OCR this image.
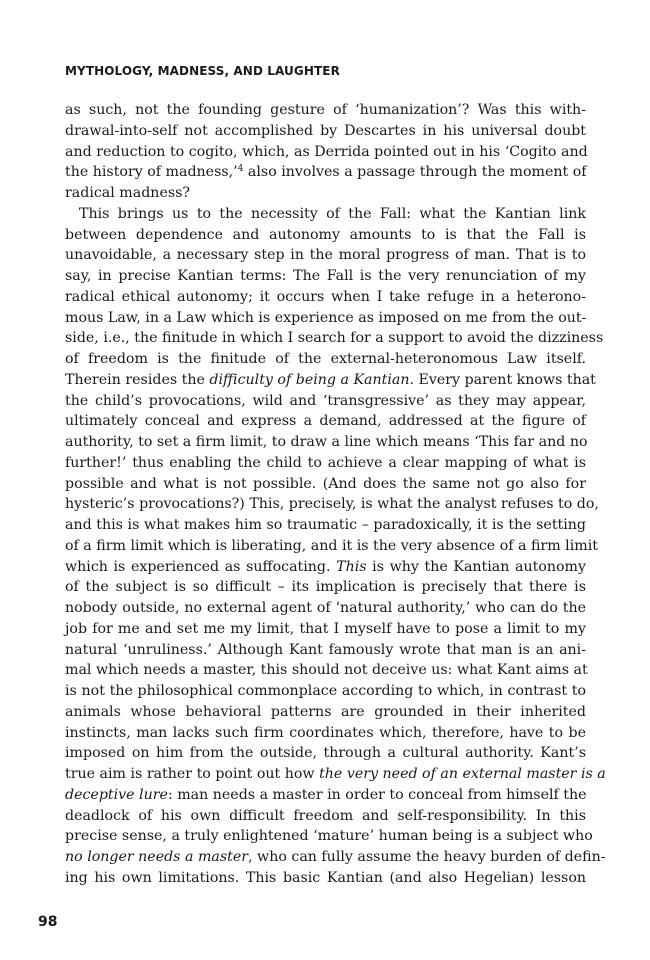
MYTHOLOGY, MADNESS, AND LAUGHTER
as such, not the founding gesture of ‘humanization’? Was this with-
drawal-into-self not accomplished by Descartes in his universal doubt
and reduction to cogito, which, as Derrida pointed out in his ‘Cogito and
the history of madness,’$^4$ also involves a passage through the moment of
radical madness?
This brings us to the necessity of the Fall: what the Kantian link
between dependence and autonomy amounts to is that the Fall is
unavoidable, a necessary step in the moral progress of man. That is to
say, in precise Kantian terms: The Fall is the very renunciation of my
radical ethical autonomy; it occurs when I take refuge in a heterono-
mous Law, in a Law which is experience as imposed on me from the out-
side, i.e., the finitude in which I search for a support to avoid the dizziness
of freedom is the finitude of the external-heteronomous Law itself.
Therein resides the difficulty of being a Kantian. Every parent knows that
the child’s provocations, wild and ‘transgressive’ as they may appear,
ultimately conceal and express a demand, addressed at the figure of
authority, to set a firm limit, to draw a line which means ‘This far and no
further!’ thus enabling the child to achieve a clear mapping of what is
possible and what is not possible. (And does the same not go also for
hysteric’s provocations?) This, precisely, is what the analyst refuses to do,
and this is what makes him so traumatic – paradoxically, it is the setting
of a firm limit which is liberating, and it is the very absence of a firm limit
which is experienced as suffocating. This is why the Kantian autonomy
of the subject is so difficult – its implication is precisely that there is
nobody outside, no external agent of ‘natural authority,’ who can do the
job for me and set me my limit, that I myself have to pose a limit to my
natural ‘unruliness.’ Although Kant famously wrote that man is an ani-
mal which needs a master, this should not deceive us: what Kant aims at
is not the philosophical commonplace according to which, in contrast to
animals whose behavioral patterns are grounded in their inherited
instincts, man lacks such firm coordinates which, therefore, have to be
imposed on him from the outside, through a cultural authority. Kant’s
true aim is rather to point out how the very need of an external master is a
deceptive lure: man needs a master in order to conceal from himself the
deadlock of his own difficult freedom and self-responsibility. In this
precise sense, a truly enlightened ‘mature’ human being is a subject who
no longer needs a master, who can fully assume the heavy burden of defin-
ing his own limitations. This basic Kantian (and also Hegelian) lesson
98
